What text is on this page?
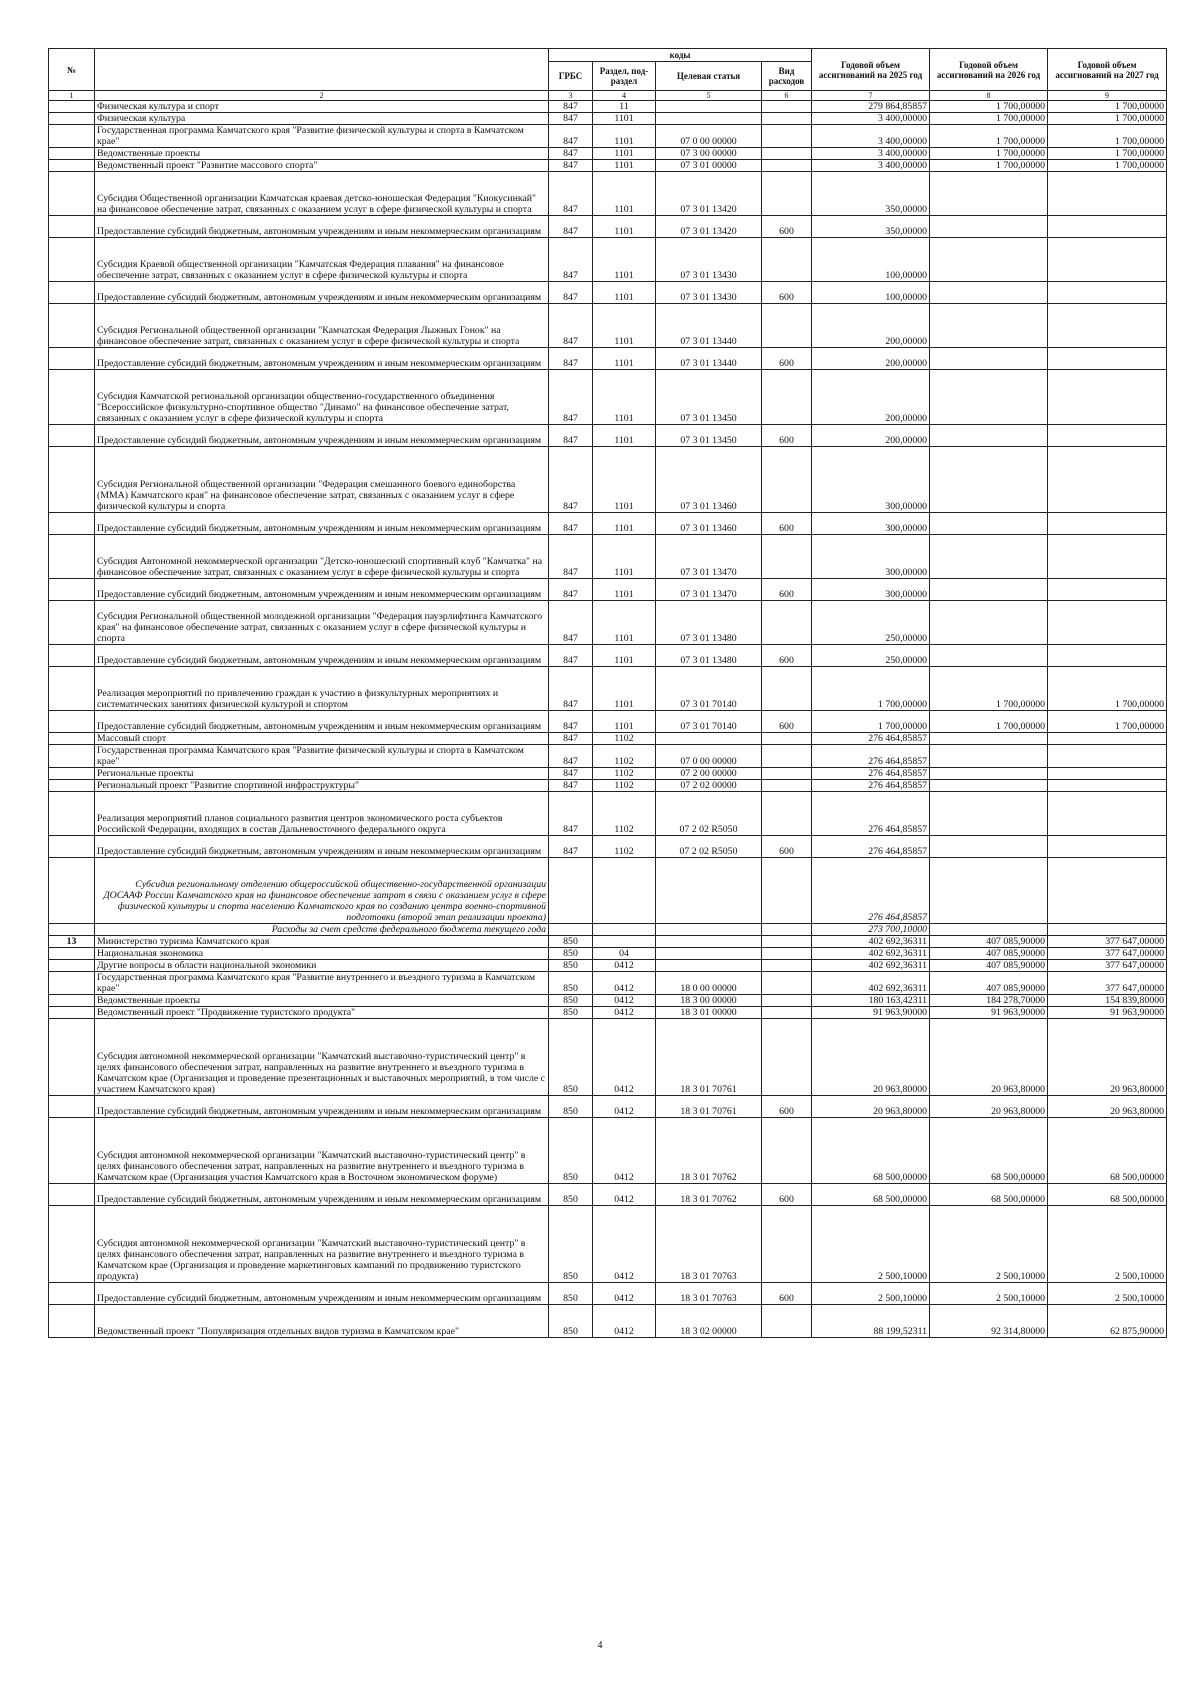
№		коды				Годовой объем ассигнований на 2025 год	Годовой объем ассигнований на 2026 год	Годовой объем ассигнований на 2027 год
		ГРБС	Раздел, под-раздел	Целевая статья	Вид расходов			
1	2	3	4	5	6	7	8	9
	Физическая культура и спорт	847	11			279 864,85857	1 700,00000	1 700,00000
	Физическая культура	847	1101			3 400,00000	1 700,00000	1 700,00000
	Государственная программа Камчатского края "Развитие физической культуры и спорта в Камчатском крае"	847	1101	07 0 00 00000		3 400,00000	1 700,00000	1 700,00000
	Ведомственные проекты	847	1101	07 3 00 00000		3 400,00000	1 700,00000	1 700,00000
	Ведомственный проект "Развитие массового спорта"	847	1101	07 3 01 00000		3 400,00000	1 700,00000	1 700,00000
	Субсидия Общественной организации Камчатская краевая детско-юношеская Федерация "Киокусинкай" на финансовое обеспечение затрат, связанных с оказанием услуг в сфере физической культуры и спорта	847	1101	07 3 01 13420		350,00000		
	Предоставление субсидий бюджетным, автономным учреждениям и иным некоммерческим организациям	847	1101	07 3 01 13420	600	350,00000		
	Субсидия Краевой общественной организации "Камчатская Федерация плавания" на финансовое обеспечение затрат, связанных с оказанием услуг в сфере физической культуры и спорта	847	1101	07 3 01 13430		100,00000		
	Предоставление субсидий бюджетным, автономным учреждениям и иным некоммерческим организациям	847	1101	07 3 01 13430	600	100,00000		
	Субсидия Региональной общественной организации "Камчатская Федерация Лыжных Гонок" на финансовое обеспечение затрат, связанных с оказанием услуг в сфере физической культуры и спорта	847	1101	07 3 01 13440		200,00000		
	Предоставление субсидий бюджетным, автономным учреждениям и иным некоммерческим организациям	847	1101	07 3 01 13440	600	200,00000		
	Субсидия Камчатской региональной организации общественно-государственного объединения "Всероссийское физкультурно-спортивное общество "Динамо" на финансовое обеспечение затрат, связанных с оказанием услуг в сфере физической культуры и спорта	847	1101	07 3 01 13450		200,00000		
	Предоставление субсидий бюджетным, автономным учреждениям и иным некоммерческим организациям	847	1101	07 3 01 13450	600	200,00000		
	Субсидия Региональной общественной организации "Федерация смешанного боевого единоборства (ММА) Камчатского края" на финансовое обеспечение затрат, связанных с оказанием услуг в сфере физической культуры и спорта	847	1101	07 3 01 13460		300,00000		
	Предоставление субсидий бюджетным, автономным учреждениям и иным некоммерческим организациям	847	1101	07 3 01 13460	600	300,00000		
	Субсидия Автономной некоммерческой организации "Детско-юношеский спортивный клуб "Камчатка" на финансовое обеспечение затрат, связанных с оказанием услуг в сфере физической культуры и спорта	847	1101	07 3 01 13470		300,00000		
	Предоставление субсидий бюджетным, автономным учреждениям и иным некоммерческим организациям	847	1101	07 3 01 13470	600	300,00000		
	Субсидия Региональной общественной молодежной организации "Федерация пауэрлифтинга Камчатского края" на финансовое обеспечение затрат, связанных с оказанием услуг в сфере физической культуры и спорта	847	1101	07 3 01 13480		250,00000		
	Предоставление субсидий бюджетным, автономным учреждениям и иным некоммерческим организациям	847	1101	07 3 01 13480	600	250,00000		
	Реализация мероприятий по привлечению граждан к участию в физкультурных мероприятиях и систематических занятиях физической культурой и спортом	847	1101	07 3 01 70140		1 700,00000	1 700,00000	1 700,00000
	Предоставление субсидий бюджетным, автономным учреждениям и иным некоммерческим организациям	847	1101	07 3 01 70140	600	1 700,00000	1 700,00000	1 700,00000
	Массовый спорт	847	1102			276 464,85857		
	Государственная программа Камчатского края "Развитие физической культуры и спорта в Камчатском крае"	847	1102	07 0 00 00000		276 464,85857		
	Региональные проекты	847	1102	07 2 00 00000		276 464,85857		
	Региональный проект "Развитие спортивной инфраструктуры"	847	1102	07 2 02 00000		276 464,85857		
	Реализация мероприятий планов социального развития центров экономического роста субъектов Российской Федерации, входящих в состав Дальневосточного федерального округа	847	1102	07 2 02 R5050		276 464,85857		
	Предоставление субсидий бюджетным, автономным учреждениям и иным некоммерческим организациям	847	1102	07 2 02 R5050	600	276 464,85857		
	Субсидия региональному отделению общероссийской общественно-государственной организации ДОСААФ России Камчатского края на финансовое обеспечение затрат в связи с оказанием услуг в сфере физической культуры и спорта населению Камчатского края по созданию центра военно-спортивной подготовки (второй этап реализации проекта)					276 464,85857		
	Расходы за счет средств федерального бюджета текущего года					273 700,10000		
13	Министерство туризма Камчатского края	850				402 692,36311	407 085,90000	377 647,00000
	Национальная экономика	850	04			402 692,36311	407 085,90000	377 647,00000
	Другие вопросы в области национальной экономики	850	0412			402 692,36311	407 085,90000	377 647,00000
	Государственная программа Камчатского края "Развитие внутреннего и въездного туризма в Камчатском крае"	850	0412	18 0 00 00000		402 692,36311	407 085,90000	377 647,00000
	Ведомственные проекты	850	0412	18 3 00 00000		180 163,42311	184 278,70000	154 839,80000
	Ведомственный проект "Продвижение туристского продукта"	850	0412	18 3 01 00000		91 963,90000	91 963,90000	91 963,90000
	Субсидия автономной некоммерческой организации "Камчатский выставочно-туристический центр" в целях финансового обеспечения затрат, направленных на развитие внутреннего и въездного туризма в Камчатском крае (Организация и проведение презентационных и выставочных мероприятий, в том числе с участием Камчатского края)	850	0412	18 3 01 70761		20 963,80000	20 963,80000	20 963,80000
	Предоставление субсидий бюджетным, автономным учреждениям и иным некоммерческим организациям	850	0412	18 3 01 70761	600	20 963,80000	20 963,80000	20 963,80000
	Субсидия автономной некоммерческой организации "Камчатский выставочно-туристический центр" в целях финансового обеспечения затрат, направленных на развитие внутреннего и въездного туризма в Камчатском крае (Организация участия Камчатского края в Восточном экономическом форуме)	850	0412	18 3 01 70762		68 500,00000	68 500,00000	68 500,00000
	Предоставление субсидий бюджетным, автономным учреждениям и иным некоммерческим организациям	850	0412	18 3 01 70762	600	68 500,00000	68 500,00000	68 500,00000
	Субсидия автономной некоммерческой организации "Камчатский выставочно-туристический центр" в целях финансового обеспечения затрат, направленных на развитие внутреннего и въездного туризма в Камчатском крае (Организация и проведение маркетинговых кампаний по продвижению туристского продукта)	850	0412	18 3 01 70763		2 500,10000	2 500,10000	2 500,10000
	Предоставление субсидий бюджетным, автономным учреждениям и иным некоммерческим организациям	850	0412	18 3 01 70763	600	2 500,10000	2 500,10000	2 500,10000
	Ведомственный проект "Популяризация отдельных видов туризма в Камчатском крае"	850	0412	18 3 02 00000		88 199,52311	92 314,80000	62 875,90000
4
